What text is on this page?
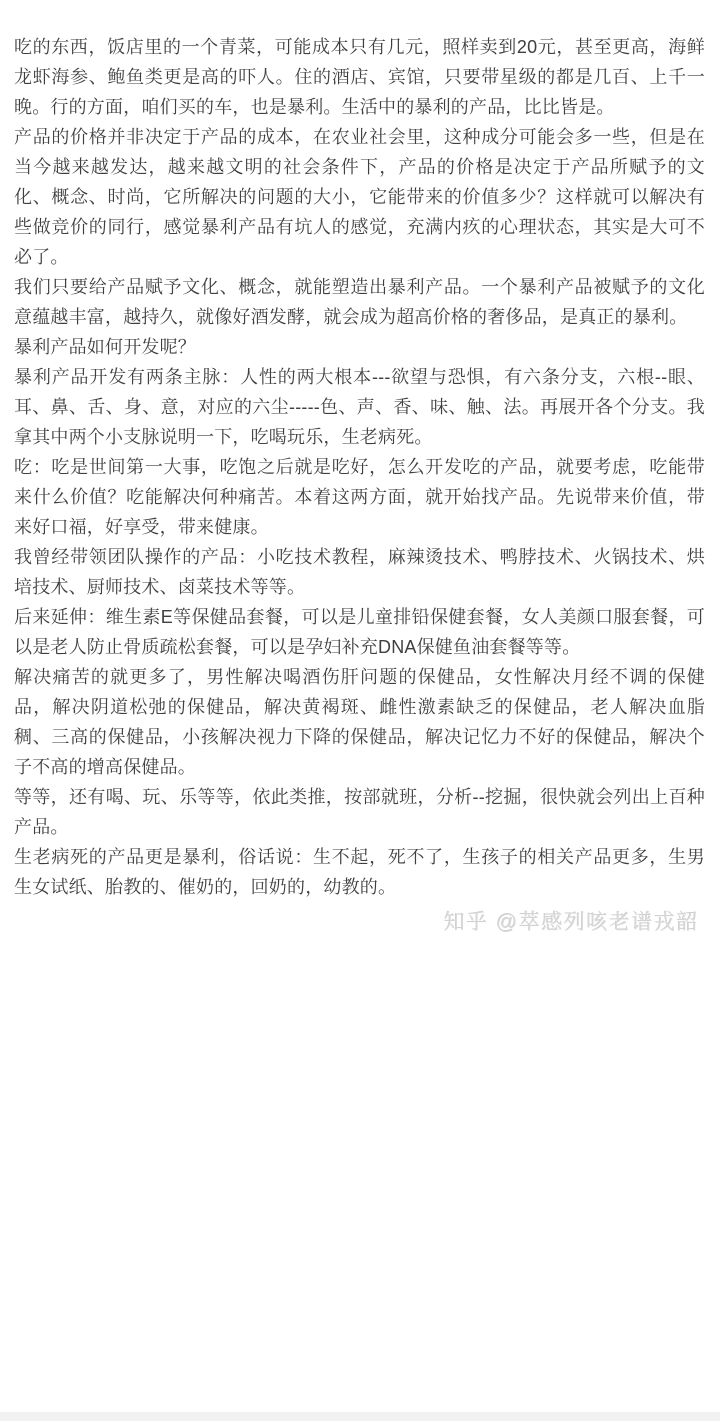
吃的东西，饭店里的一个青菜，可能成本只有几元，照样卖到20元，甚至更高，海鲜龙虾海参、鲍鱼类更是高的吓人。住的酒店、宾馆，只要带星级的都是几百、上千一晚。行的方面，咱们买的车，也是暴利。生活中的暴利的产品，比比皆是。

产品的价格并非决定于产品的成本，在农业社会里，这种成分可能会多一些，但是在当今越来越发达，越来越文明的社会条件下，产品的价格是决定于产品所赋予的文化、概念、时尚，它所解决的问题的大小，它能带来的价值多少？这样就可以解决有些做竞价的同行，感觉暴利产品有坑人的感觉，充满内疚的心理状态，其实是大可不必了。

我们只要给产品赋予文化、概念，就能塑造出暴利产品。一个暴利产品被赋予的文化意蕴越丰富，越持久，就像好酒发酵，就会成为超高价格的奢侈品，是真正的暴利。

暴利产品如何开发呢？

暴利产品开发有两条主脉：人性的两大根本---欲望与恐惧，有六条分支，六根--眼、耳、鼻、舌、身、意，对应的六尘-----色、声、香、味、触、法。再展开各个分支。我拿其中两个小支脉说明一下，吃喝玩乐，生老病死。

吃：吃是世间第一大事，吃饱之后就是吃好，怎么开发吃的产品，就要考虑，吃能带来什么价值？吃能解决何种痛苦。本着这两方面，就开始找产品。先说带来价值，带来好口福，好享受，带来健康。

我曾经带领团队操作的产品：小吃技术教程，麻辣烫技术、鸭脖技术、火锅技术、烘培技术、厨师技术、卤菜技术等等。

后来延伸：维生素E等保健品套餐，可以是儿童排铅保健套餐，女人美颜口服套餐，可以是老人防止骨质疏松套餐，可以是孕妇补充DNA保健鱼油套餐等等。

解决痛苦的就更多了，男性解决喝酒伤肝问题的保健品，女性解决月经不调的保健品，解决阴道松弛的保健品，解决黄褐斑、雌性激素缺乏的保健品，老人解决血脂稠、三高的保健品，小孩解决视力下降的保健品，解决记忆力不好的保健品，解决个子不高的增高保健品。

等等，还有喝、玩、乐等等，依此类推，按部就班，分析--挖掘，很快就会列出上百种产品。

生老病死的产品更是暴利，俗话说：生不起，死不了，生孩子的相关产品更多，生男生女试纸、胎教的、催奶的，回奶的，幼教的。

知乎 @萃感列咳老谱戎韶
